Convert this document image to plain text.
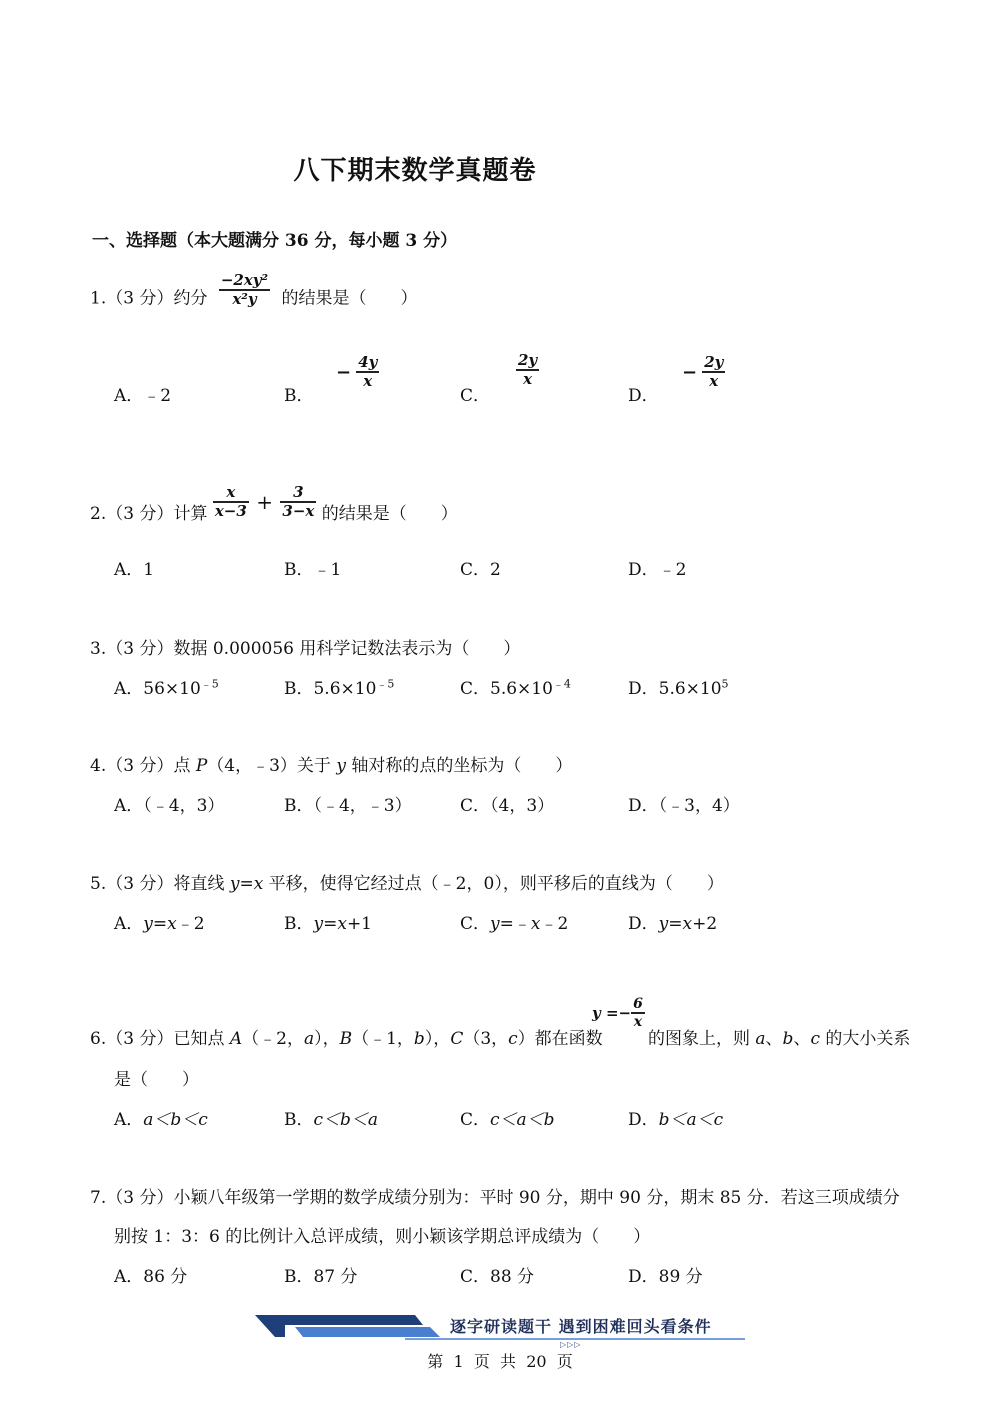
八下期末数学真题卷
一、选择题（本大题满分 36 分，每小题 3 分）
1.（3 分）约分 $\frac{\text{−2xy²}}{\text{x²y}}$ 的结果是（　　）
A．﹣2	B．
− $\frac{4y}{x}$
C．
$\frac{2y}{x}$
D．
− $\frac{2y}{x}$
2.（3 分）计算 $\frac{x}{x-3} + \frac{3}{3-x}$ 的结果是（　　）
A．1	B．﹣1	C．2	D．﹣2
3.（3 分）数据 0.000056 用科学记数法表示为（　　）
A．$56\times 10^{﹣5}$	B．$5.6\times 10^{﹣5}$	C．$5.6\times 10^{﹣4}$	D．$5.6\times 10^5$
4.（3 分）点 P（4，﹣3）关于 y 轴对称的点的坐标为（　　）
A．（﹣4，3）	B．（﹣4，﹣3）	C．（4，3）	D．（﹣3，4）
5.（3 分）将直线 y=x 平移，使得它经过点（﹣2，0），则平移后的直线为（　　）
A．y=x﹣2	B．y=x+1	C．y=﹣x﹣2	D．y=x+2
6.（3 分）已知点 A（﹣2，a），B（﹣1，b），C（3，c）都在函数
$y =- \frac{6}{x}$
的图象上，则 a、b、c 的大小关系
是（　　）
A．a＜b＜c	B．c＜b＜a	C．c＜a＜b	D．b＜a＜c
7.（3 分）小颖八年级第一学期的数学成绩分别为：平时 90 分，期中 90 分，期末 85 分．若这三项成绩分
别按 1：3：6 的比例计入总评成绩，则小颖该学期总评成绩为（　　）
A．86 分	B．87 分	C．88 分	D．89 分
逐字研读题干 遇到困难回头看条件
▷▷▷
第 1 页 共 20 页
